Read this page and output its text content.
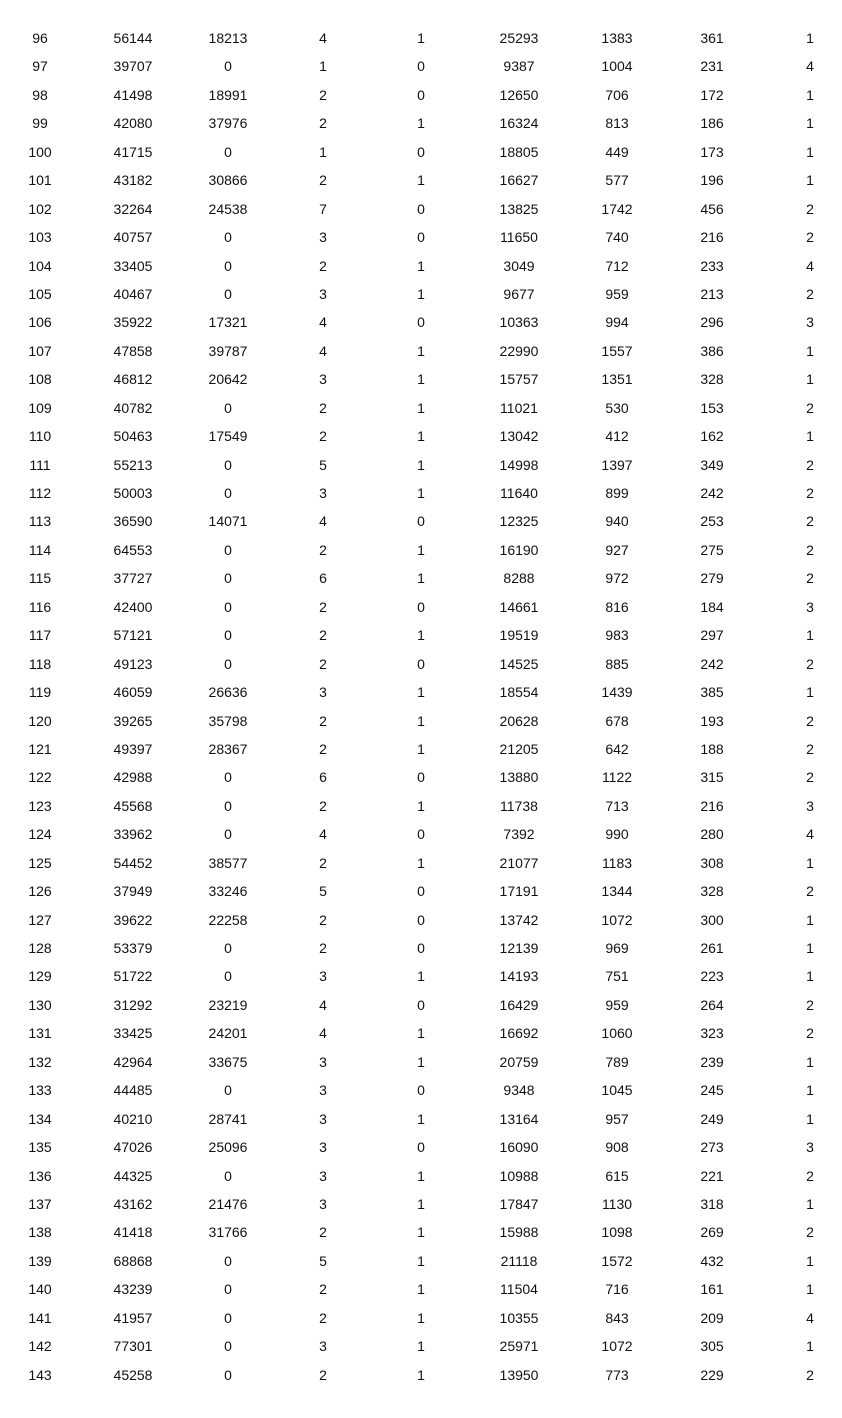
96	56144	18213	4	1	25293	1383	361	1
97	39707	0	1	0	9387	1004	231	4
98	41498	18991	2	0	12650	706	172	1
99	42080	37976	2	1	16324	813	186	1
100	41715	0	1	0	18805	449	173	1
101	43182	30866	2	1	16627	577	196	1
102	32264	24538	7	0	13825	1742	456	2
103	40757	0	3	0	11650	740	216	2
104	33405	0	2	1	3049	712	233	4
105	40467	0	3	1	9677	959	213	2
106	35922	17321	4	0	10363	994	296	3
107	47858	39787	4	1	22990	1557	386	1
108	46812	20642	3	1	15757	1351	328	1
109	40782	0	2	1	11021	530	153	2
110	50463	17549	2	1	13042	412	162	1
111	55213	0	5	1	14998	1397	349	2
112	50003	0	3	1	11640	899	242	2
113	36590	14071	4	0	12325	940	253	2
114	64553	0	2	1	16190	927	275	2
115	37727	0	6	1	8288	972	279	2
116	42400	0	2	0	14661	816	184	3
117	57121	0	2	1	19519	983	297	1
118	49123	0	2	0	14525	885	242	2
119	46059	26636	3	1	18554	1439	385	1
120	39265	35798	2	1	20628	678	193	2
121	49397	28367	2	1	21205	642	188	2
122	42988	0	6	0	13880	1122	315	2
123	45568	0	2	1	11738	713	216	3
124	33962	0	4	0	7392	990	280	4
125	54452	38577	2	1	21077	1183	308	1
126	37949	33246	5	0	17191	1344	328	2
127	39622	22258	2	0	13742	1072	300	1
128	53379	0	2	0	12139	969	261	1
129	51722	0	3	1	14193	751	223	1
130	31292	23219	4	0	16429	959	264	2
131	33425	24201	4	1	16692	1060	323	2
132	42964	33675	3	1	20759	789	239	1
133	44485	0	3	0	9348	1045	245	1
134	40210	28741	3	1	13164	957	249	1
135	47026	25096	3	0	16090	908	273	3
136	44325	0	3	1	10988	615	221	2
137	43162	21476	3	1	17847	1130	318	1
138	41418	31766	2	1	15988	1098	269	2
139	68868	0	5	1	21118	1572	432	1
140	43239	0	2	1	11504	716	161	1
141	41957	0	2	1	10355	843	209	4
142	77301	0	3	1	25971	1072	305	1
143	45258	0	2	1	13950	773	229	2
